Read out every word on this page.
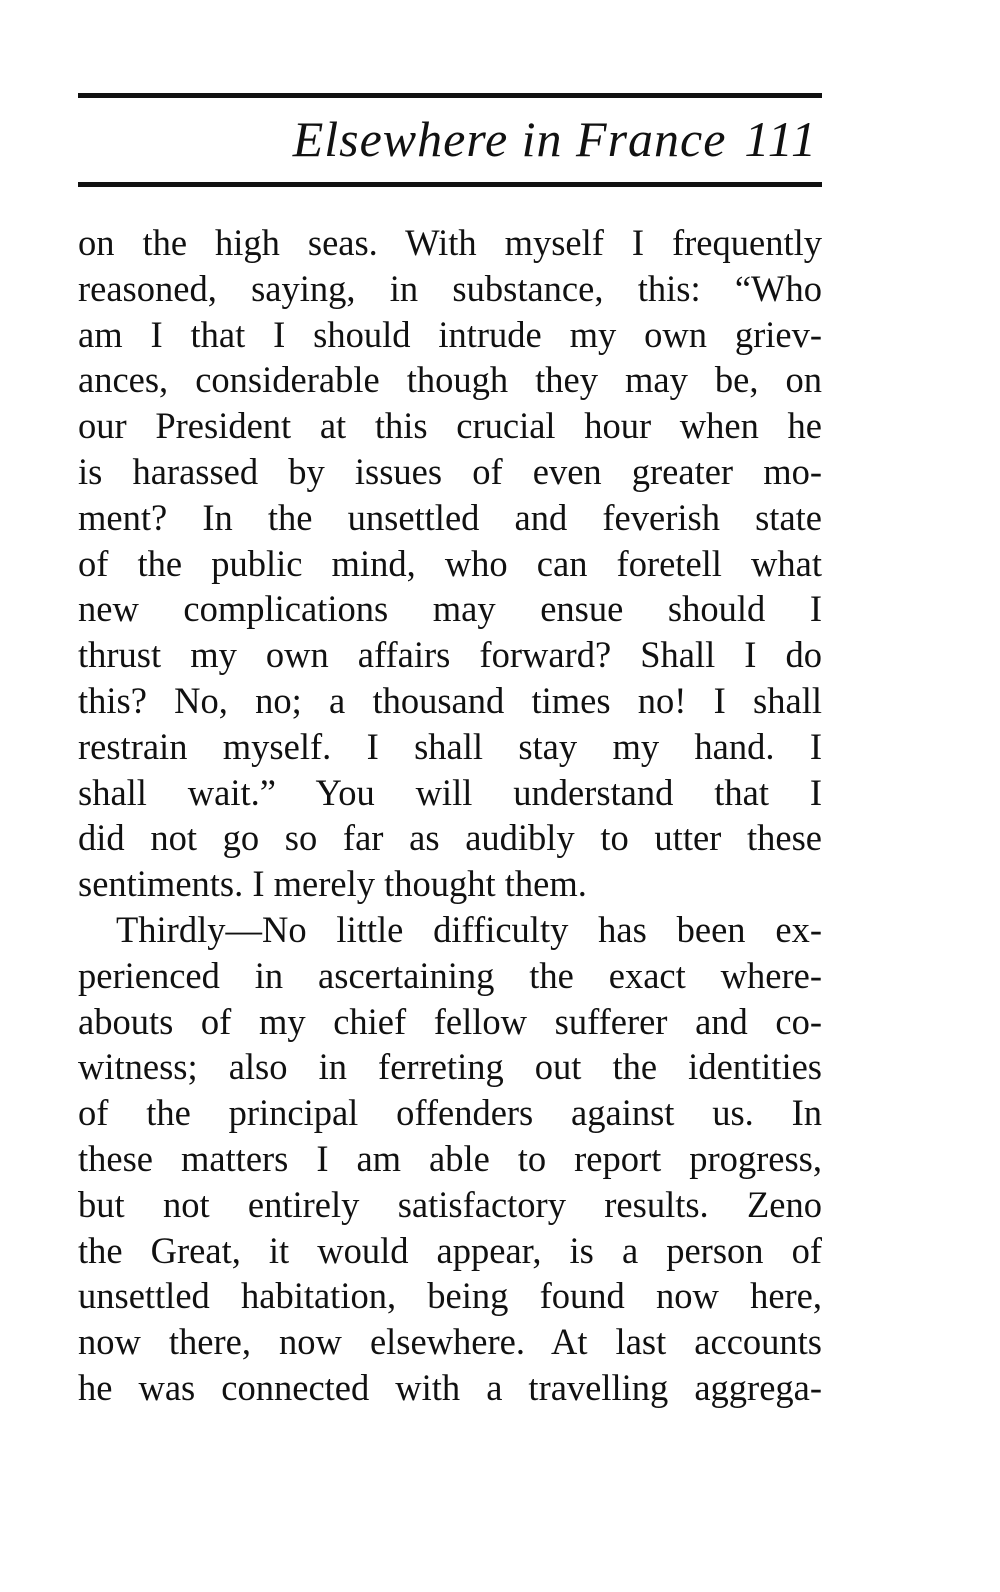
Elsewhere in France 111
on the high seas. With myself I frequently
reasoned, saying, in substance, this: “Who
am I that I should intrude my own griev-
ances, considerable though they may be, on
our President at this crucial hour when he
is harassed by issues of even greater mo-
ment? In the unsettled and feverish state
of the public mind, who can foretell what
new complications may ensue should I
thrust my own affairs forward? Shall I do
this? No, no; a thousand times no! I shall
restrain myself. I shall stay my hand. I
shall wait.” You will understand that I
did not go so far as audibly to utter these
sentiments. I merely thought them.
Thirdly—No little difficulty has been ex-
perienced in ascertaining the exact where-
abouts of my chief fellow sufferer and co-
witness; also in ferreting out the identities
of the principal offenders against us. In
these matters I am able to report progress,
but not entirely satisfactory results. Zeno
the Great, it would appear, is a person of
unsettled habitation, being found now here,
now there, now elsewhere. At last accounts
he was connected with a travelling aggrega-
